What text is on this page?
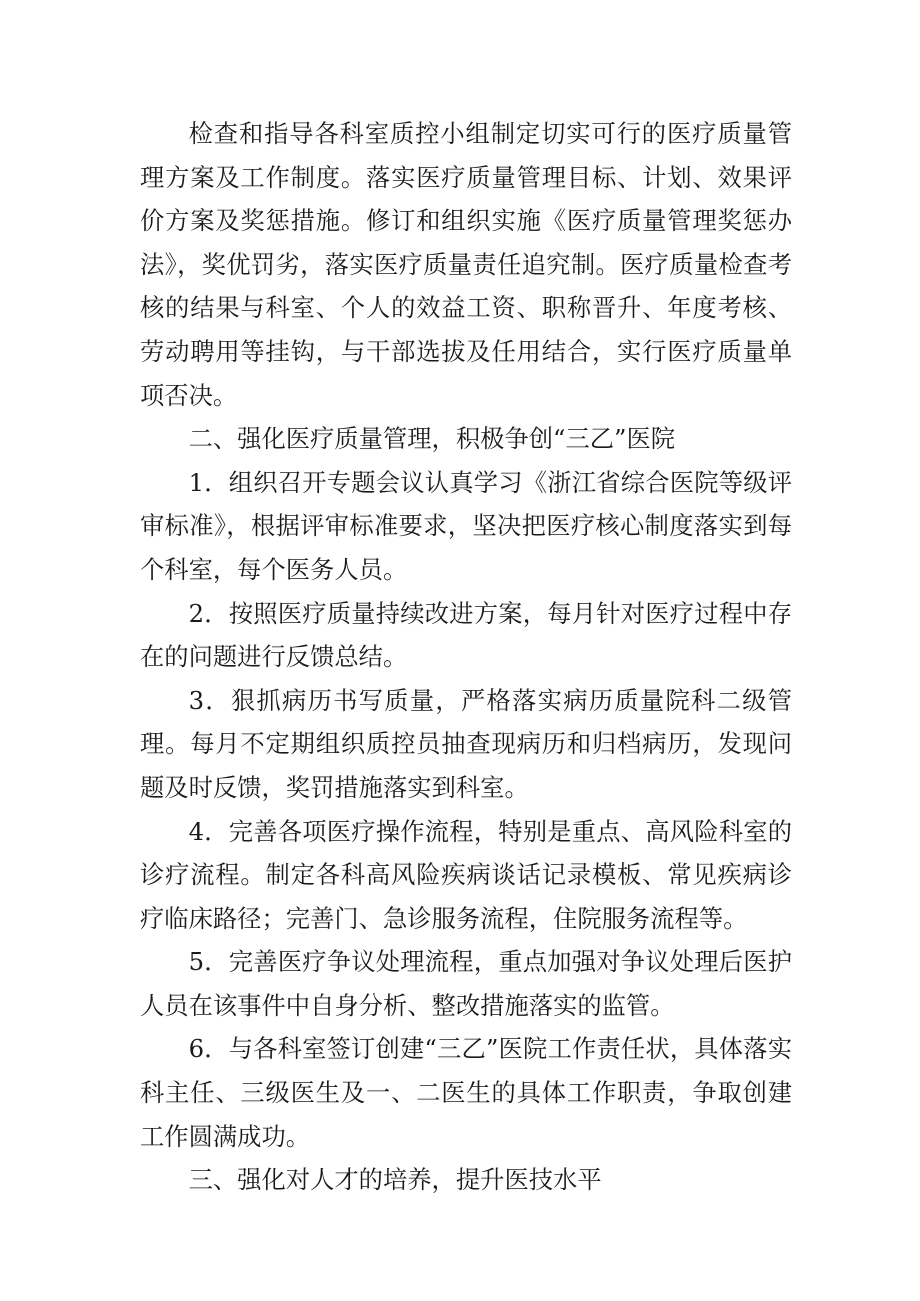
检查和指导各科室质控小组制定切实可行的医疗质量管理方案及工作制度。落实医疗质量管理目标、计划、效果评价方案及奖惩措施。修订和组织实施《医疗质量管理奖惩办法》，奖优罚劣，落实医疗质量责任追究制。医疗质量检查考核的结果与科室、个人的效益工资、职称晋升、年度考核、劳动聘用等挂钩，与干部选拔及任用结合，实行医疗质量单项否决。

二、强化医疗质量管理，积极争创“三乙”医院

1．组织召开专题会议认真学习《浙江省综合医院等级评审标准》，根据评审标准要求，坚决把医疗核心制度落实到每个科室，每个医务人员。

2．按照医疗质量持续改进方案，每月针对医疗过程中存在的问题进行反馈总结。

3．狠抓病历书写质量，严格落实病历质量院科二级管理。每月不定期组织质控员抽查现病历和归档病历，发现问题及时反馈，奖罚措施落实到科室。

4．完善各项医疗操作流程，特别是重点、高风险科室的诊疗流程。制定各科高风险疾病谈话记录模板、常见疾病诊疗临床路径；完善门、急诊服务流程，住院服务流程等。

5．完善医疗争议处理流程，重点加强对争议处理后医护人员在该事件中自身分析、整改措施落实的监管。

6．与各科室签订创建“三乙”医院工作责任状，具体落实科主任、三级医生及一、二医生的具体工作职责，争取创建工作圆满成功。

三、强化对人才的培养，提升医技水平
